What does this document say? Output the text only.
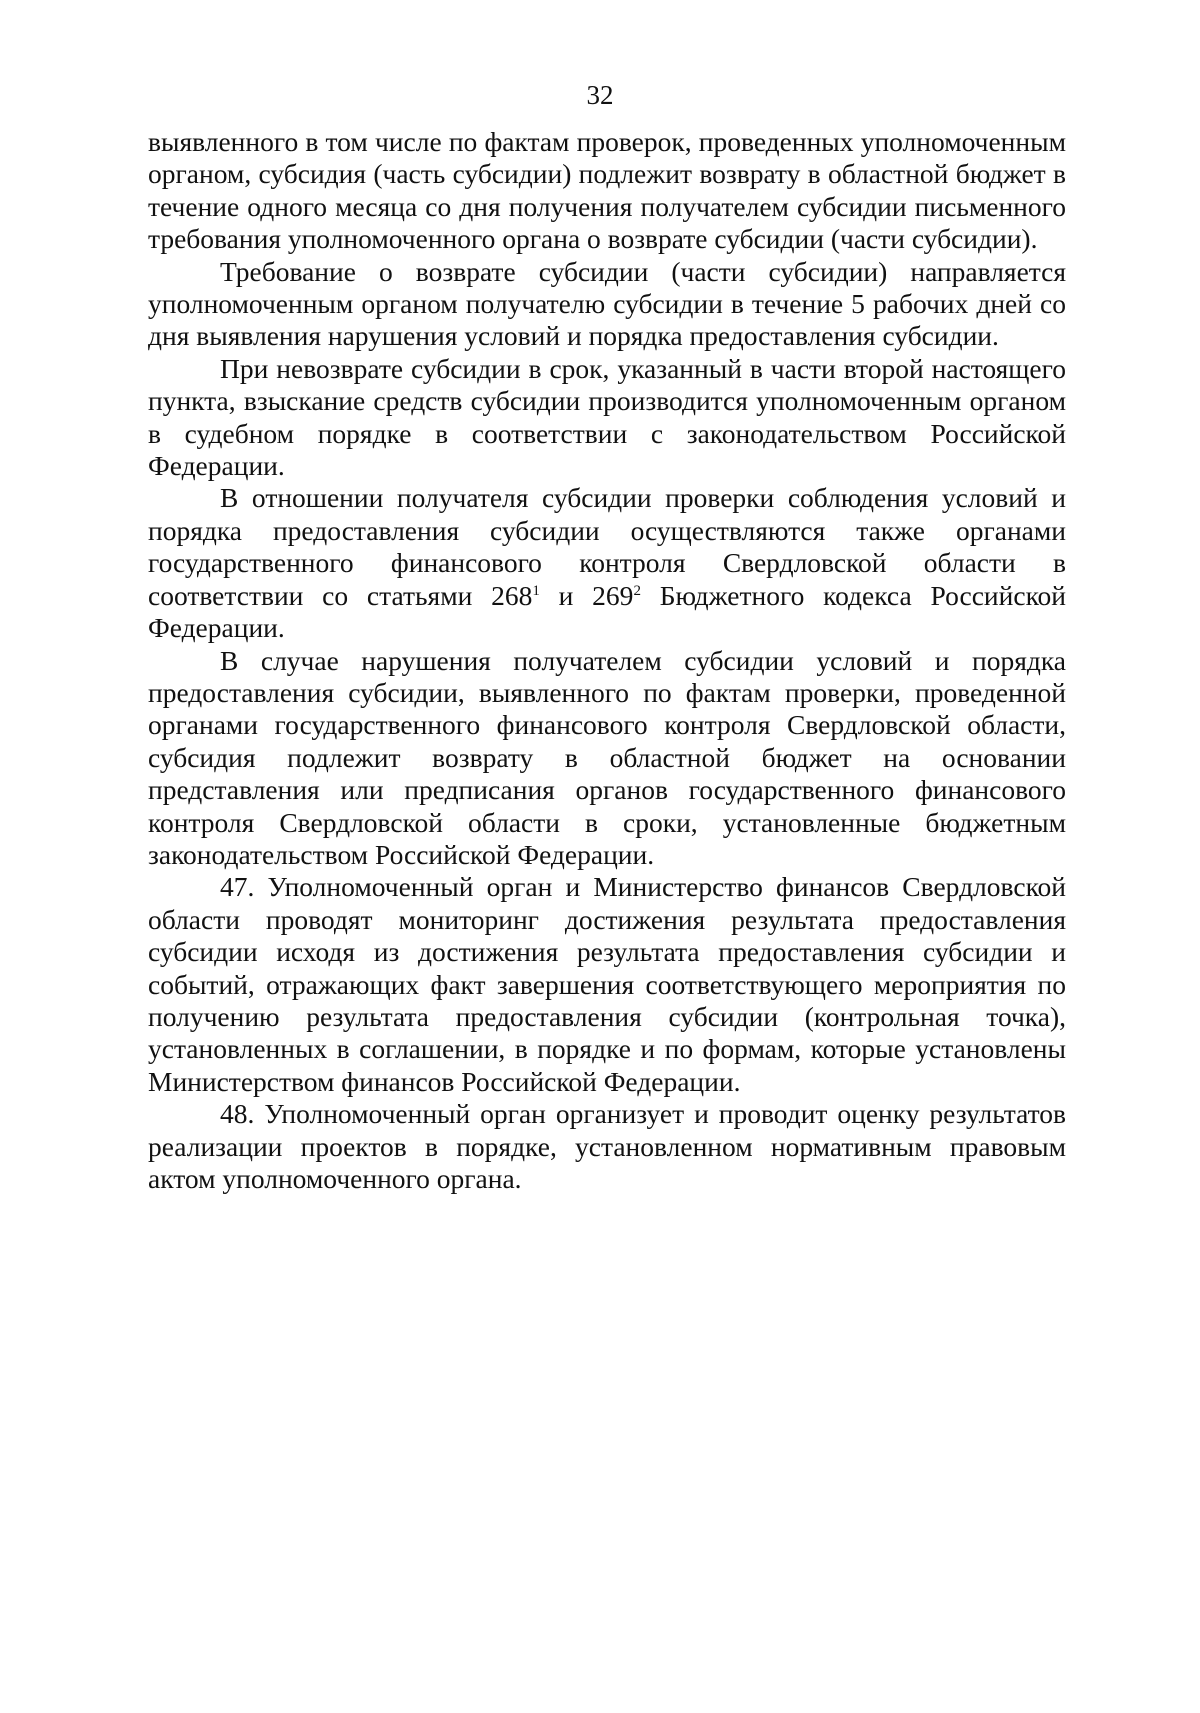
32

выявленного в том числе по фактам проверок, проведенных уполномоченным органом, субсидия (часть субсидии) подлежит возврату в областной бюджет в течение одного месяца со дня получения получателем субсидии письменного требования уполномоченного органа о возврате субсидии (части субсидии).

Требование о возврате субсидии (части субсидии) направляется уполномоченным органом получателю субсидии в течение 5 рабочих дней со дня выявления нарушения условий и порядка предоставления субсидии.

При невозврате субсидии в срок, указанный в части второй настоящего пункта, взыскание средств субсидии производится уполномоченным органом в судебном порядке в соответствии с законодательством Российской Федерации.

В отношении получателя субсидии проверки соблюдения условий и порядка предоставления субсидии осуществляются также органами государственного финансового контроля Свердловской области в соответствии со статьями $268^1$ и $269^2$ Бюджетного кодекса Российской Федерации.

В случае нарушения получателем субсидии условий и порядка предоставления субсидии, выявленного по фактам проверки, проведенной органами государственного финансового контроля Свердловской области, субсидия подлежит возврату в областной бюджет на основании представления или предписания органов государственного финансового контроля Свердловской области в сроки, установленные бюджетным законодательством Российской Федерации.

47. Уполномоченный орган и Министерство финансов Свердловской области проводят мониторинг достижения результата предоставления субсидии исходя из достижения результата предоставления субсидии и событий, отражающих факт завершения соответствующего мероприятия по получению результата предоставления субсидии (контрольная точка), установленных в соглашении, в порядке и по формам, которые установлены Министерством финансов Российской Федерации.

48. Уполномоченный орган организует и проводит оценку результатов реализации проектов в порядке, установленном нормативным правовым актом уполномоченного органа.
